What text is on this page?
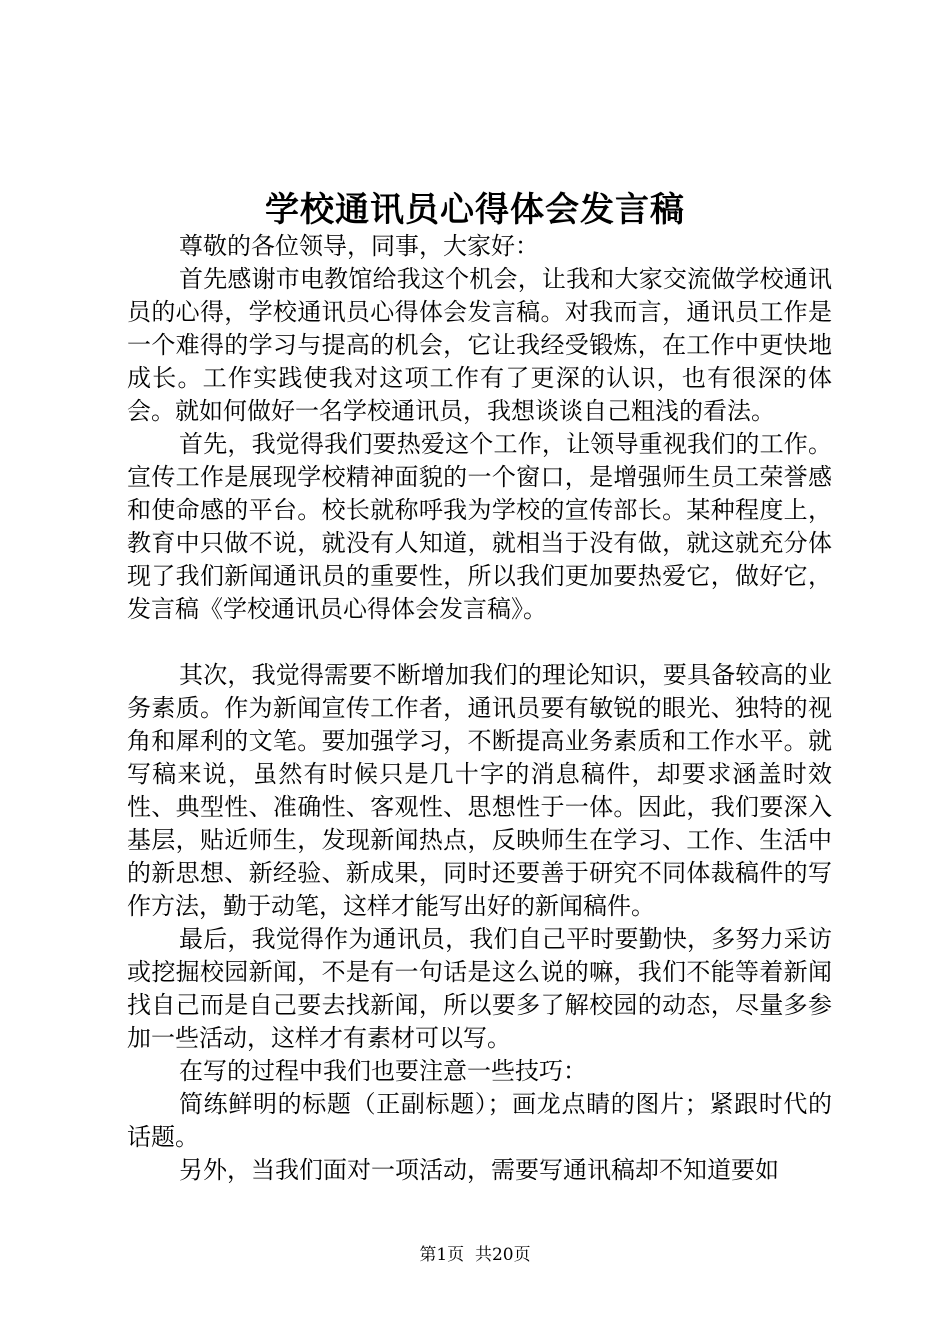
学校通讯员心得体会发言稿

尊敬的各位领导，同事，大家好：

首先感谢市电教馆给我这个机会，让我和大家交流做学校通讯员的心得，学校通讯员心得体会发言稿。对我而言，通讯员工作是一个难得的学习与提高的机会，它让我经受锻炼，在工作中更快地成长。工作实践使我对这项工作有了更深的认识，也有很深的体会。就如何做好一名学校通讯员，我想谈谈自己粗浅的看法。

首先，我觉得我们要热爱这个工作，让领导重视我们的工作。宣传工作是展现学校精神面貌的一个窗口，是增强师生员工荣誉感和使命感的平台。校长就称呼我为学校的宣传部长。某种程度上，教育中只做不说，就没有人知道，就相当于没有做，就这就充分体现了我们新闻通讯员的重要性，所以我们更加要热爱它，做好它，发言稿《学校通讯员心得体会发言稿》。

其次，我觉得需要不断增加我们的理论知识，要具备较高的业务素质。作为新闻宣传工作者，通讯员要有敏锐的眼光、独特的视角和犀利的文笔。要加强学习，不断提高业务素质和工作水平。就写稿来说，虽然有时候只是几十字的消息稿件，却要求涵盖时效性、典型性、准确性、客观性、思想性于一体。因此，我们要深入基层，贴近师生，发现新闻热点，反映师生在学习、工作、生活中的新思想、新经验、新成果，同时还要善于研究不同体裁稿件的写作方法，勤于动笔，这样才能写出好的新闻稿件。

最后，我觉得作为通讯员，我们自己平时要勤快，多努力采访或挖掘校园新闻，不是有一句话是这么说的嘛，我们不能等着新闻找自己而是自己要去找新闻，所以要多了解校园的动态，尽量多参加一些活动，这样才有素材可以写。

在写的过程中我们也要注意一些技巧：

简练鲜明的标题（正副标题）；画龙点睛的图片；紧跟时代的话题。

另外，当我们面对一项活动，需要写通讯稿却不知道要如

第1页  共20页
